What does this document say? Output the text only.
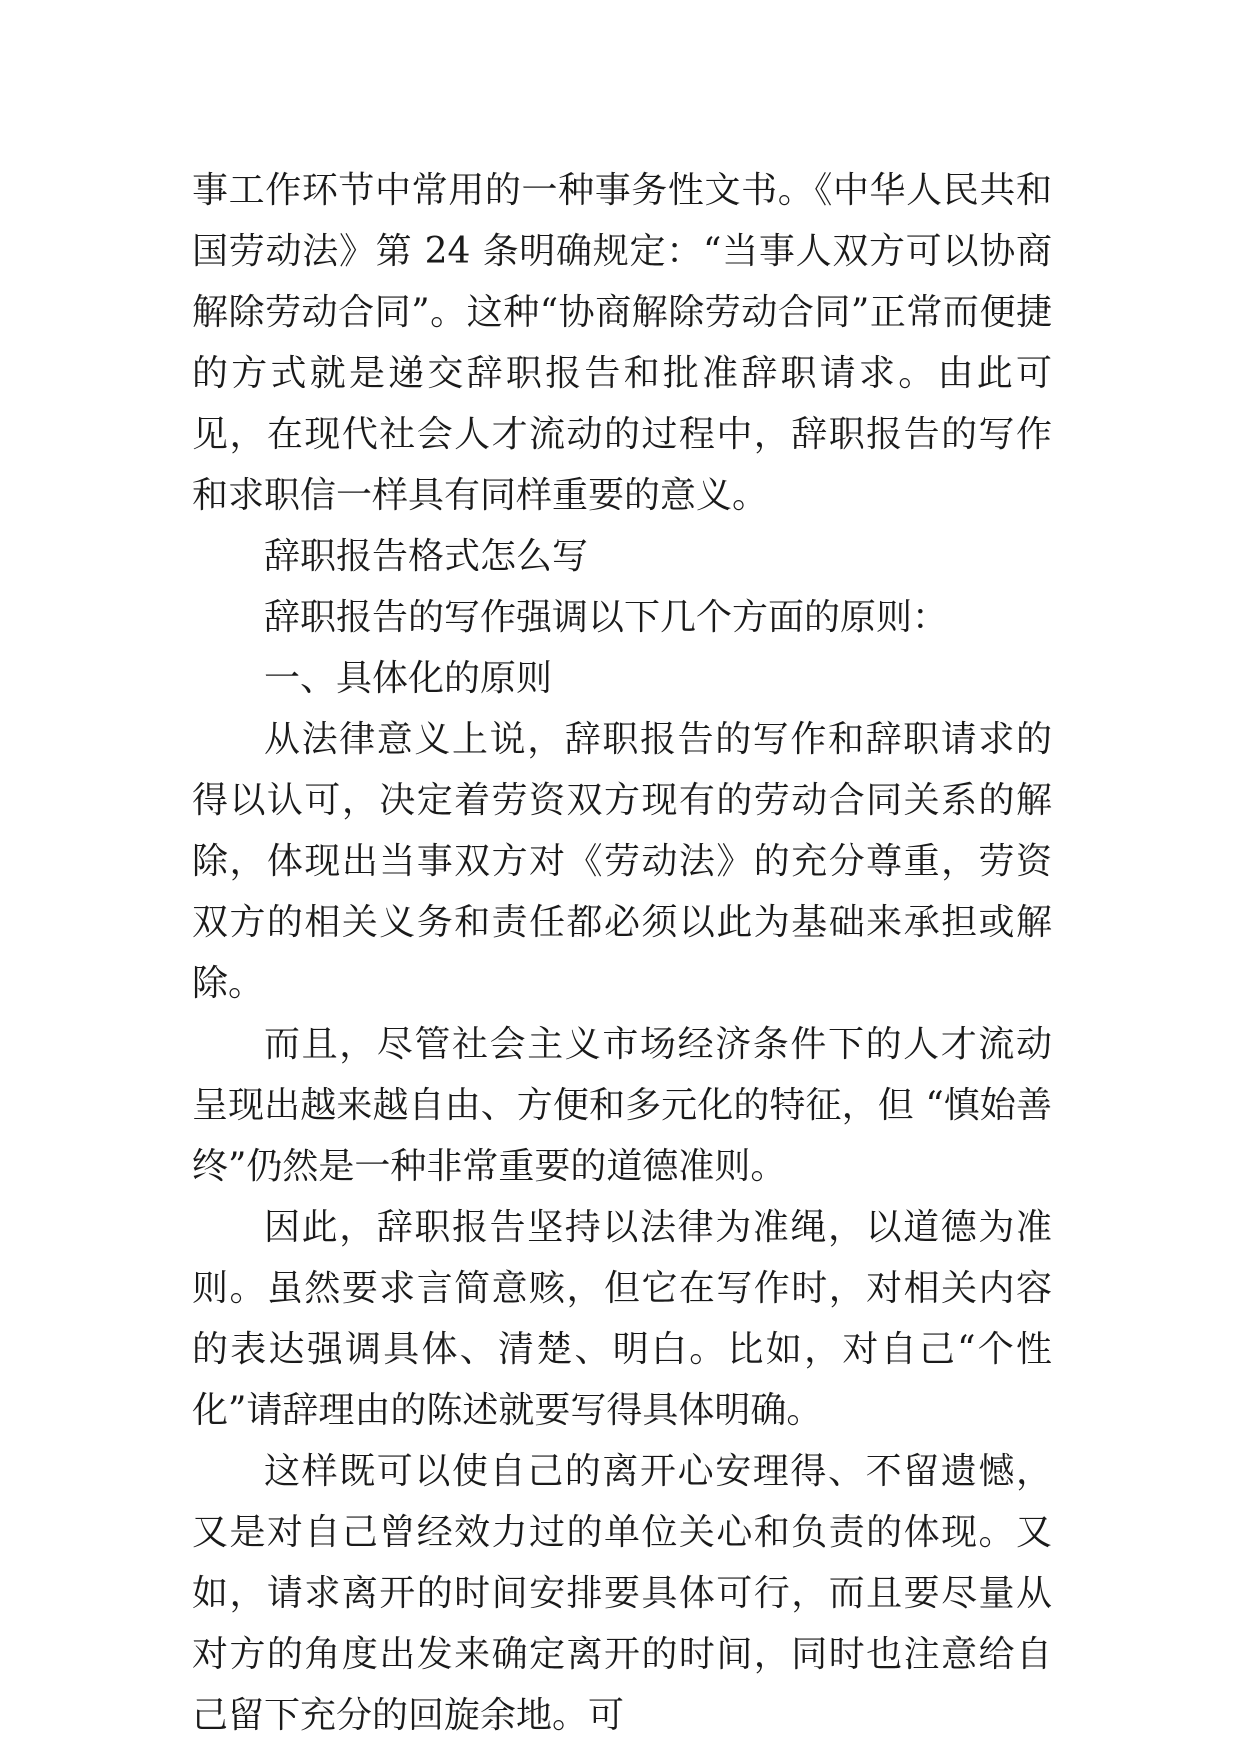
事工作环节中常用的一种事务性文书。《中华人民共和国劳动法》第 24 条明确规定：“当事人双方可以协商解除劳动合同”。这种“协商解除劳动合同”正常而便捷的方式就是递交辞职报告和批准辞职请求。由此可见，在现代社会人才流动的过程中，辞职报告的写作和求职信一样具有同样重要的意义。

辞职报告格式怎么写

辞职报告的写作强调以下几个方面的原则：

一、具体化的原则

从法律意义上说，辞职报告的写作和辞职请求的得以认可，决定着劳资双方现有的劳动合同关系的解除，体现出当事双方对《劳动法》的充分尊重，劳资双方的相关义务和责任都必须以此为基础来承担或解除。

而且，尽管社会主义市场经济条件下的人才流动呈现出越来越自由、方便和多元化的特征，但 “慎始善终”仍然是一种非常重要的道德准则。

因此，辞职报告坚持以法律为准绳，以道德为准则。虽然要求言简意赅，但它在写作时，对相关内容的表达强调具体、清楚、明白。比如，对自己“个性化”请辞理由的陈述就要写得具体明确。

这样既可以使自己的离开心安理得、不留遗憾，又是对自己曾经效力过的单位关心和负责的体现。又如，请求离开的时间安排要具体可行，而且要尽量从对方的角度出发来确定离开的时间，同时也注意给自己留下充分的回旋余地。可
